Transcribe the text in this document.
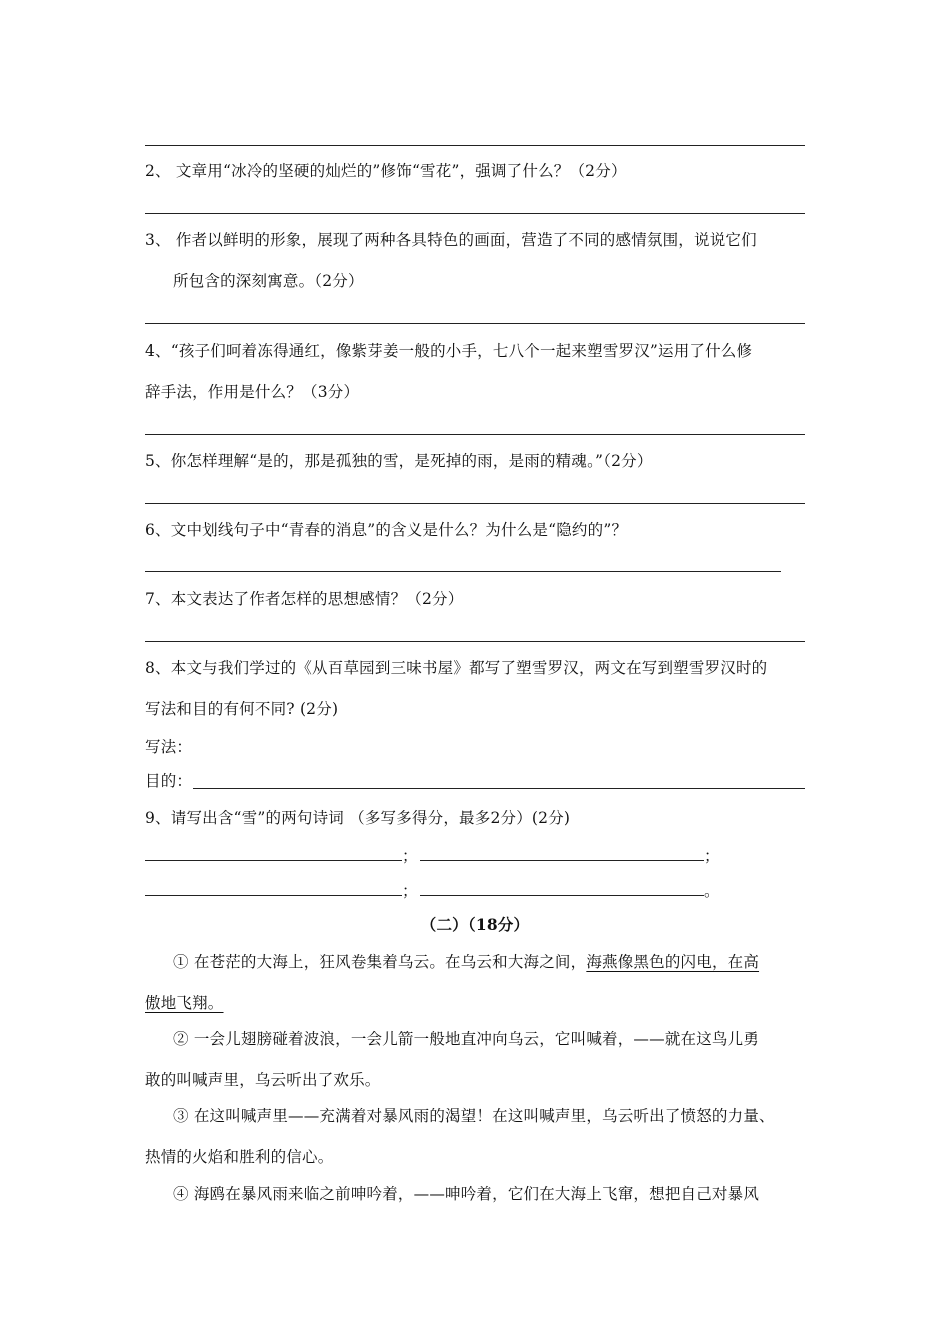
2、 文章用“冰冷的坚硬的灿烂的”修饰“雪花”，强调了什么？（2分）
3、 作者以鲜明的形象，展现了两种各具特色的画面，营造了不同的感情氛围，说说它们
所包含的深刻寓意。（2分）
4、“孩子们呵着冻得通红，像紫芽姜一般的小手，七八个一起来塑雪罗汉”运用了什么修
辞手法，作用是什么？（3分）
5、你怎样理解“是的，那是孤独的雪，是死掉的雨，是雨的精魂。”（2分）
6、文中划线句子中“青春的消息”的含义是什么？为什么是“隐约的”？
7、本文表达了作者怎样的思想感情？（2分）
8、本文与我们学过的《从百草园到三味书屋》都写了塑雪罗汉，两文在写到塑雪罗汉时的
写法和目的有何不同? (2分)
写法：
目的：
9、请写出含“雪”的两句诗词 （多写多得分，最多2分）(2分)
；	；
；	。
（二）（18分）
① 在苍茫的大海上，狂风卷集着乌云。在乌云和大海之间，海燕像黑色的闪电，在高
傲地飞翔。
② 一会儿翅膀碰着波浪，一会儿箭一般地直冲向乌云，它叫喊着，——就在这鸟儿勇
敢的叫喊声里，乌云听出了欢乐。
③ 在这叫喊声里——充满着对暴风雨的渴望！在这叫喊声里，乌云听出了愤怒的力量、
热情的火焰和胜利的信心。
④ 海鸥在暴风雨来临之前呻吟着，——呻吟着，它们在大海上飞窜，想把自己对暴风
